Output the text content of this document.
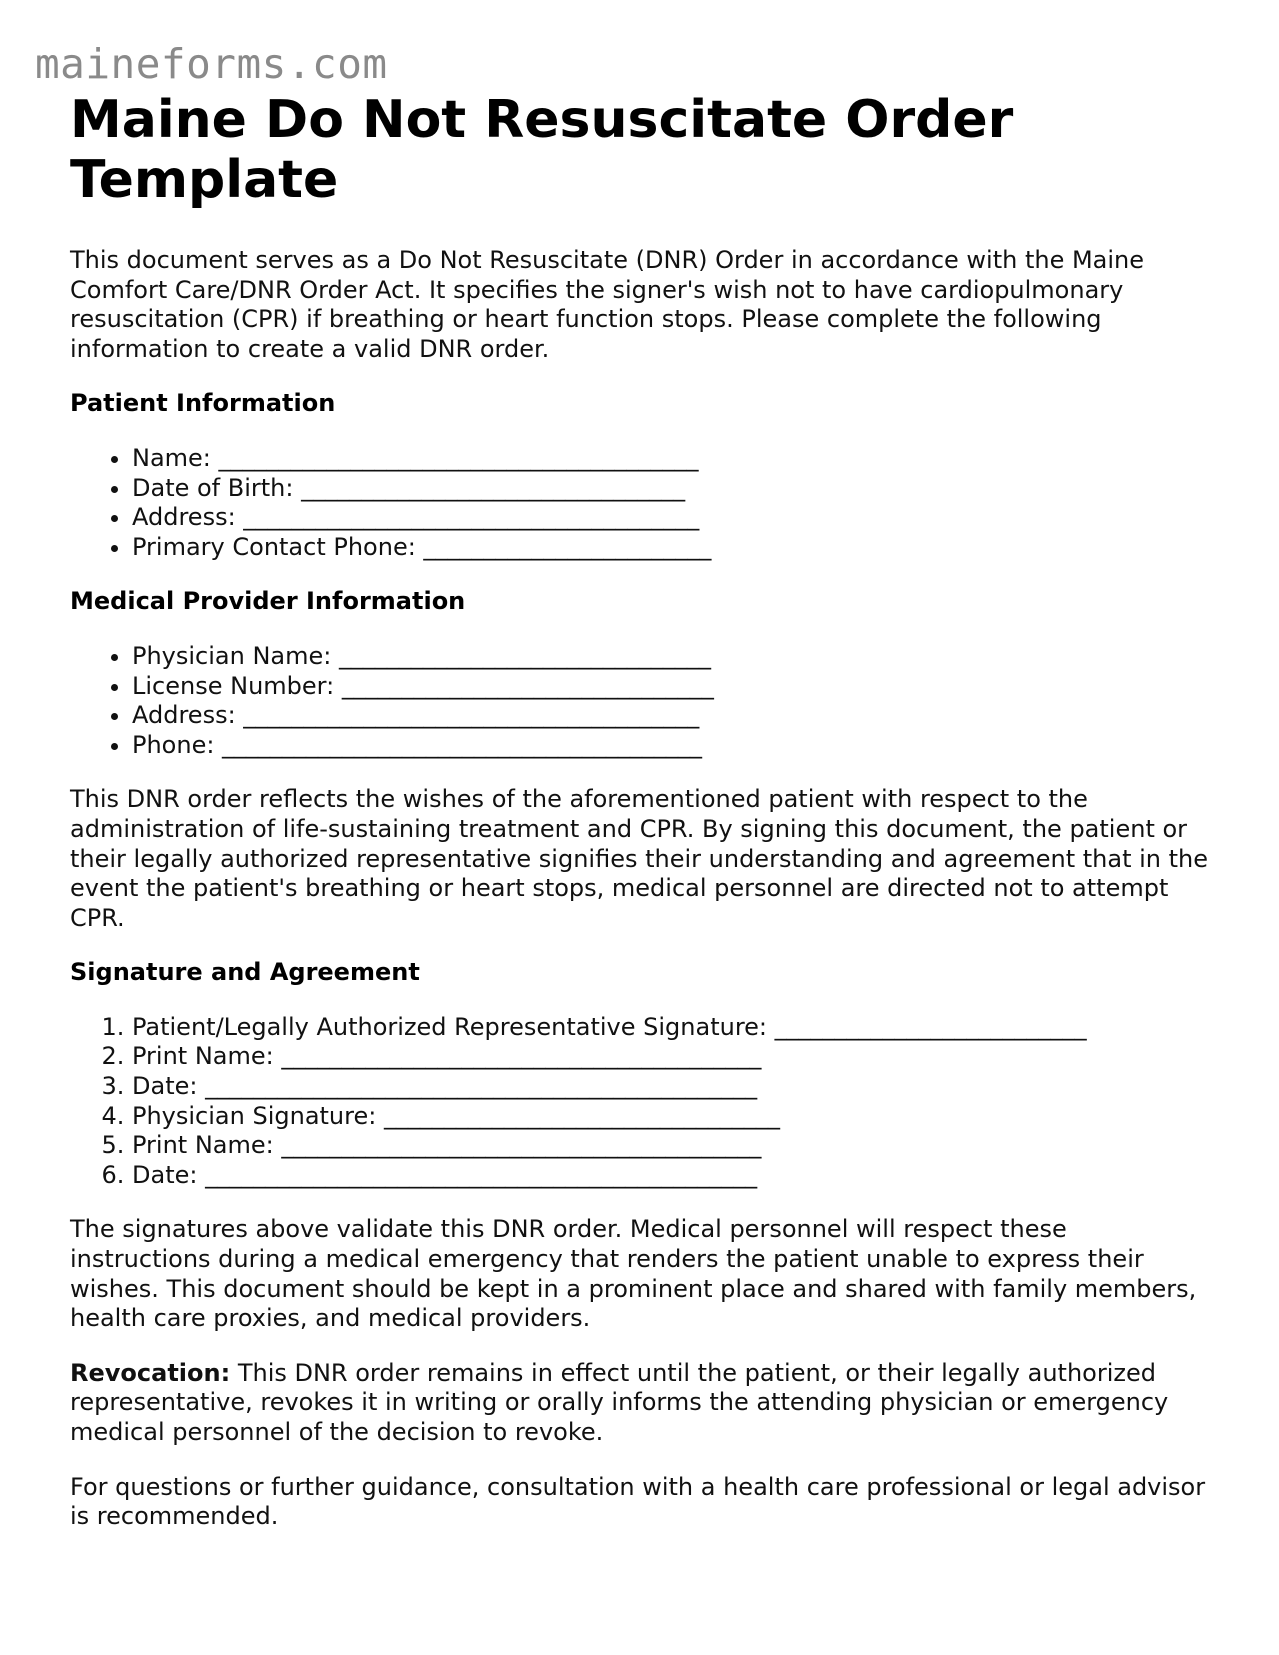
maineforms.com
Maine Do Not Resuscitate Order Template

This document serves as a Do Not Resuscitate (DNR) Order in accordance with the Maine Comfort Care/DNR Order Act. It specifies the signer's wish not to have cardiopulmonary resuscitation (CPR) if breathing or heart function stops. Please complete the following information to create a valid DNR order.

Patient Information
• Name: ________________________________________
• Date of Birth: ________________________________
• Address: ______________________________________
• Primary Contact Phone: ________________________
Medical Provider Information
• Physician Name: _______________________________
• License Number: _______________________________
• Address: ______________________________________
• Phone: ________________________________________

This DNR order reflects the wishes of the aforementioned patient with respect to the administration of life-sustaining treatment and CPR. By signing this document, the patient or their legally authorized representative signifies their understanding and agreement that in the event the patient's breathing or heart stops, medical personnel are directed not to attempt CPR.

Signature and Agreement
1. Patient/Legally Authorized Representative Signature: __________________________
2. Print Name: ________________________________________
3. Date: ______________________________________________
4. Physician Signature: _________________________________
5. Print Name: ________________________________________
6. Date: ______________________________________________

The signatures above validate this DNR order. Medical personnel will respect these instructions during a medical emergency that renders the patient unable to express their wishes. This document should be kept in a prominent place and shared with family members, health care proxies, and medical providers.

Revocation: This DNR order remains in effect until the patient, or their legally authorized representative, revokes it in writing or orally informs the attending physician or emergency medical personnel of the decision to revoke.

For questions or further guidance, consultation with a health care professional or legal advisor is recommended.
